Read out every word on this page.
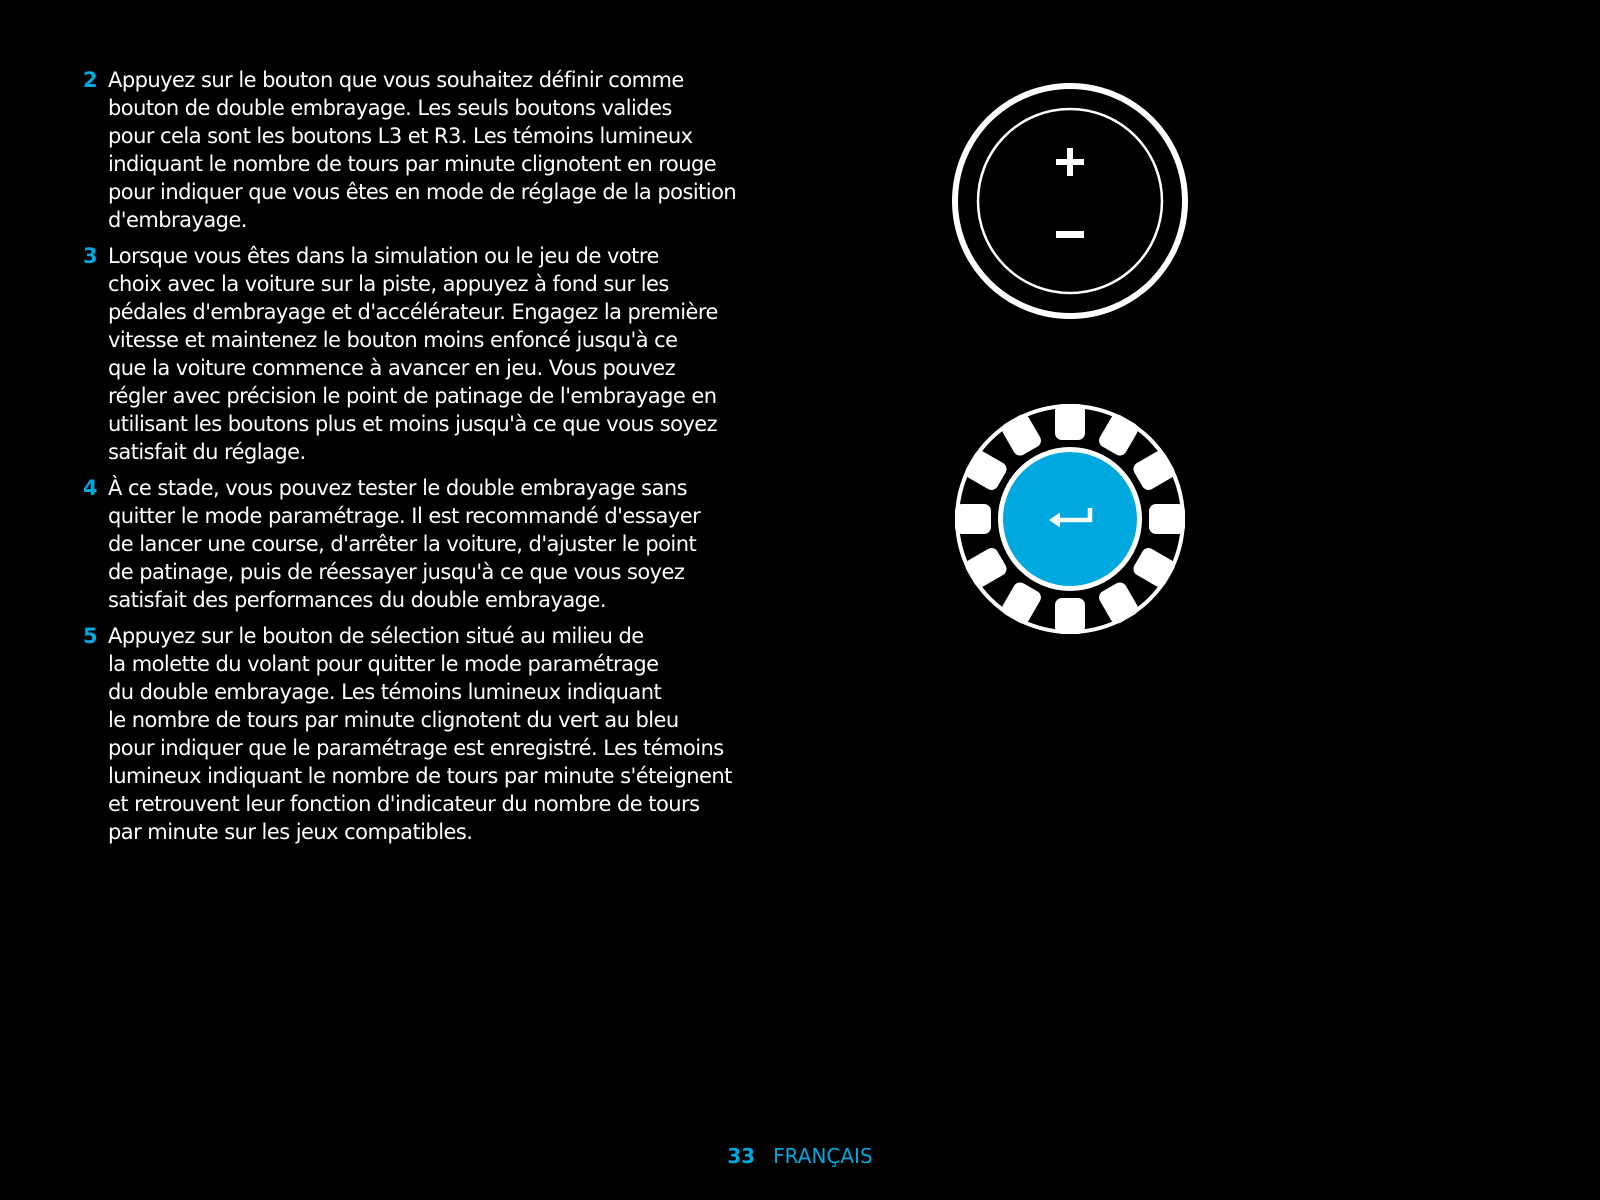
2 Appuyez sur le bouton que vous souhaitez définir comme
bouton de double embrayage. Les seuls boutons valides
pour cela sont les boutons L3 et R3. Les témoins lumineux
indiquant le nombre de tours par minute clignotent en rouge
pour indiquer que vous êtes en mode de réglage de la position
d'embrayage.
3 Lorsque vous êtes dans la simulation ou le jeu de votre
choix avec la voiture sur la piste, appuyez à fond sur les
pédales d'embrayage et d'accélérateur. Engagez la première
vitesse et maintenez le bouton moins enfoncé jusqu'à ce
que la voiture commence à avancer en jeu. Vous pouvez
régler avec précision le point de patinage de l'embrayage en
utilisant les boutons plus et moins jusqu'à ce que vous soyez
satisfait du réglage.
4 À ce stade, vous pouvez tester le double embrayage sans
quitter le mode paramétrage. Il est recommandé d'essayer
de lancer une course, d'arrêter la voiture, d'ajuster le point
de patinage, puis de réessayer jusqu'à ce que vous soyez
satisfait des performances du double embrayage.
5 Appuyez sur le bouton de sélection situé au milieu de
la molette du volant pour quitter le mode paramétrage
du double embrayage. Les témoins lumineux indiquant
le nombre de tours par minute clignotent du vert au bleu
pour indiquer que le paramétrage est enregistré. Les témoins
lumineux indiquant le nombre de tours par minute s'éteignent
et retrouvent leur fonction d'indicateur du nombre de tours
par minute sur les jeux compatibles.
33 FRANÇAIS
